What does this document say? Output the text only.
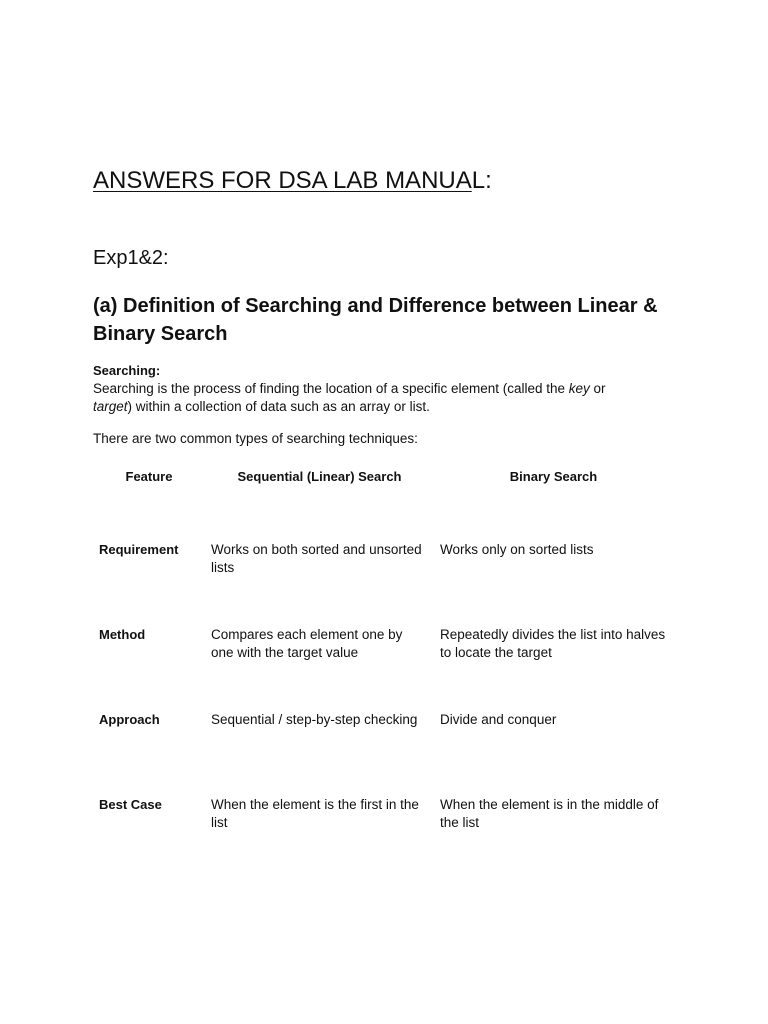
ANSWERS FOR DSA LAB MANUAL:
Exp1&2:
(a) Definition of Searching and Difference between Linear & Binary Search

Searching:

Searching is the process of finding the location of a specific element (called the key or
target) within a collection of data such as an array or list.

There are two common types of searching techniques:

Feature	Sequential (Linear) Search	Binary Search
Requirement	Works on both sorted and unsorted lists	Works only on sorted lists
Method	Compares each element one by one with the target value	Repeatedly divides the list into halves to locate the target
Approach	Sequential / step-by-step checking	Divide and conquer
Best Case	When the element is the first in the list	When the element is in the middle of the list
